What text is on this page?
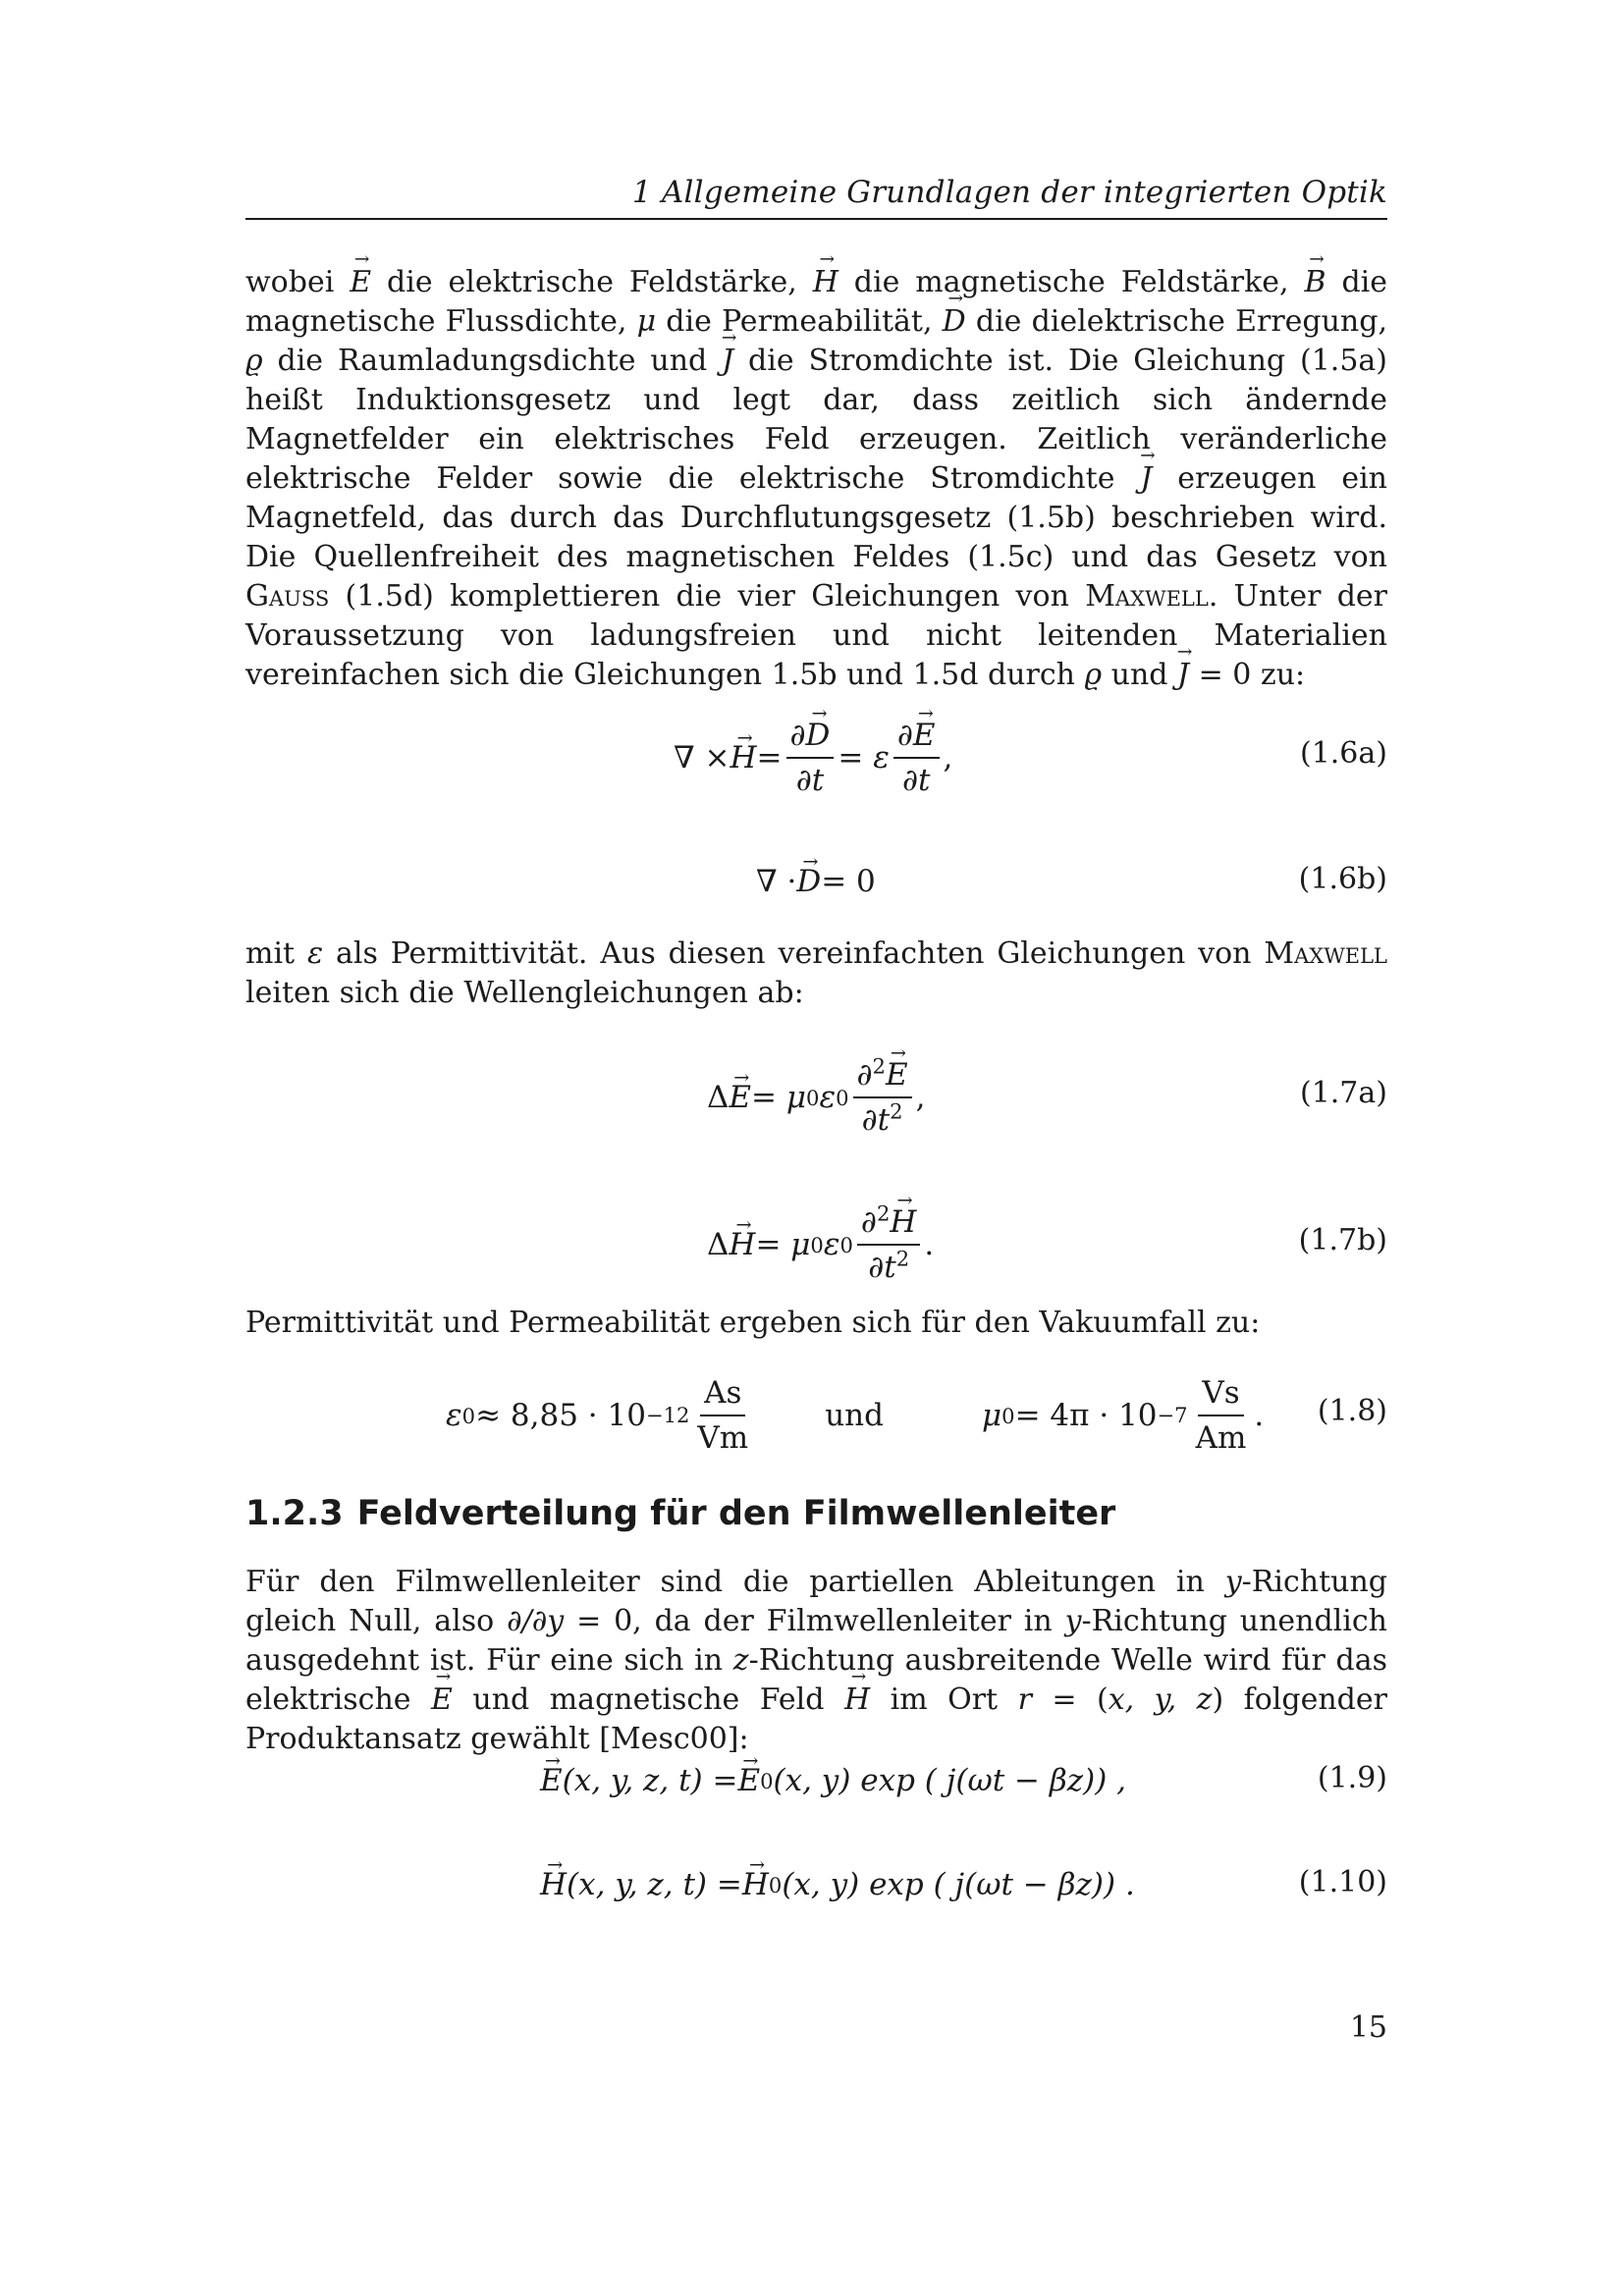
1 Allgemeine Grundlagen der integrierten Optik

wobei → E die elektrische Feldstärke, → H die magnetische Feldstärke, → B die magnetische Flussdichte, μ die Permeabilität, → D die dielektrische Erregung, ϱ die Raumladungsdichte und → J die Stromdichte ist. Die Gleichung (1.5a) heißt Induktionsgesetz und legt dar, dass zeitlich sich ändernde Magnetfelder ein elektrisches Feld erzeugen. Zeitlich veränderliche elektrische Felder sowie die elektrische Stromdichte → J erzeugen ein Magnetfeld, das durch das Durchflutungsgesetz (1.5b) beschrieben wird. Die Quellenfreiheit des magnetischen Feldes (1.5c) und das Gesetz von Gauss (1.5d) komplettieren die vier Gleichungen von Maxwell. Unter der Voraussetzung von ladungsfreien und nicht leitenden Materialien vereinfachen sich die Gleichungen 1.5b und 1.5d durch ϱ und → J = 0 zu:

∇ × → $H = \frac{\partial\to D}{\partial t} = \varepsilon \frac{\partial\to E}{\partial t}$ ,	(1.6a)
∇ · → D = 0	(1.6b)

mit ε als Permittivität. Aus diesen vereinfachten Gleichungen von Maxwell leiten sich die Wellengleichungen ab:

Δ → E = μ 0 ε $0 \frac{\partial^2\to E}{\partial t^2}$ ,	(1.7a)
Δ → H = μ 0 ε $0 \frac{\partial^2\to H}{\partial t^2}$ .	(1.7b)

Permittivität und Permeabilität ergeben sich für den Vakuumfall zu:

ε $0 \approx 8,85 \cdot 10 -12 \frac{As}{Vm}$ und	μ $0 = 4\pi \cdot 10 -7 \frac{Vs}{Am}$ . (1.8)
1.2.3 Feldverteilung für den Filmwellenleiter

Für den Filmwellenleiter sind die partiellen Ableitungen in y-Richtung gleich Null, also ∂/∂y = 0, da der Filmwellenleiter in y-Richtung unendlich ausgedehnt ist. Für eine sich in z-Richtung ausbreitende Welle wird für das elektrische → E und magnetische Feld → H im Ort r = (x, y, z) folgender Produktansatz gewählt [Mesc00]:

→ E (x, y, z, t) = → E 0 (x, y) exp ( j(ωt − βz)) ,	(1.9)
→ H (x, y, z, t) = → H 0 (x, y) exp ( j(ωt − βz)) .	(1.10)
15
